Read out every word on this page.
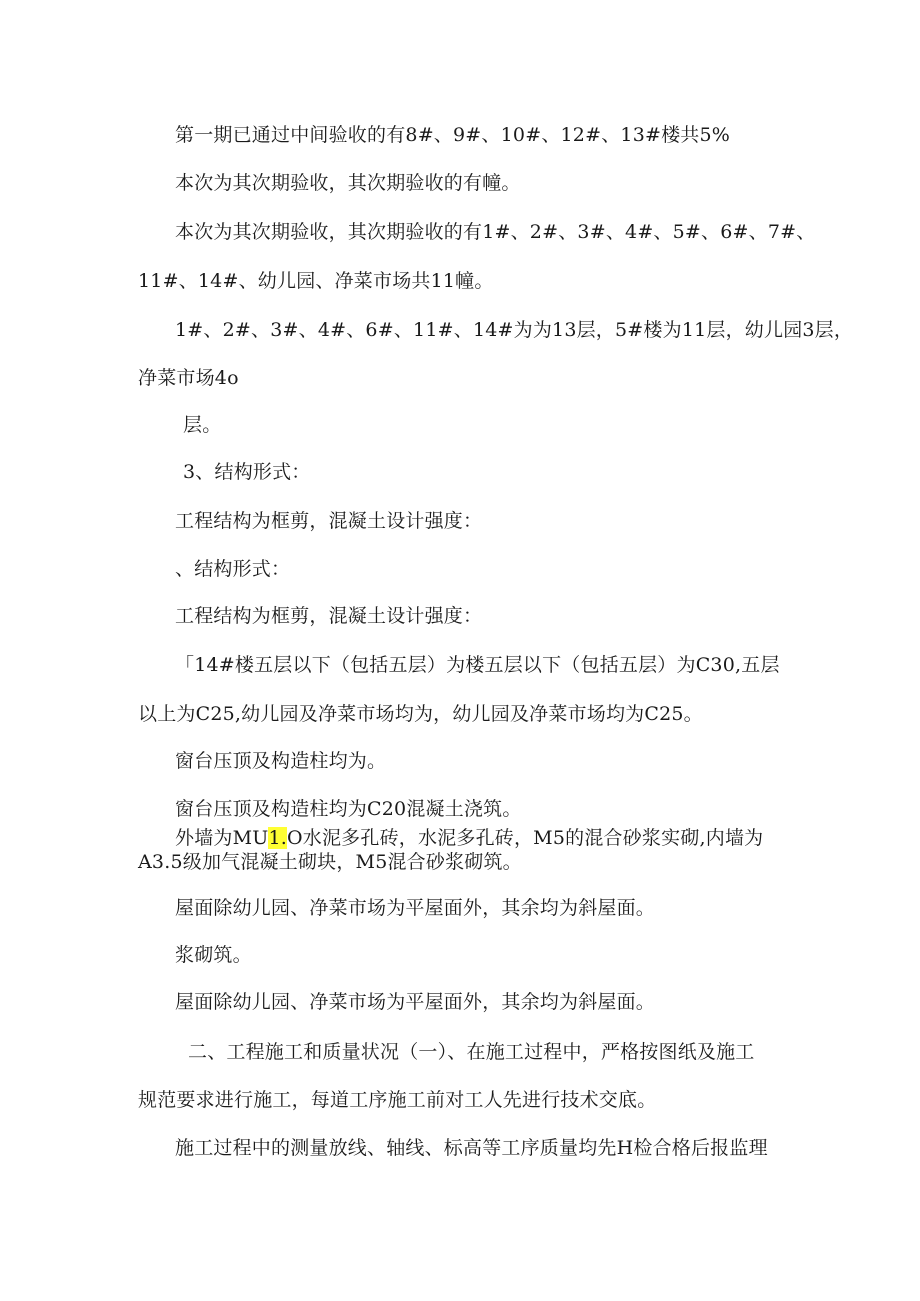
第一期已通过中间验收的有8#、9#、10#、12#、13#楼共5%

本次为其次期验收，其次期验收的有幢。

本次为其次期验收，其次期验收的有1#、2#、3#、4#、5#、6#、7#、

11#、14#、幼儿园、净菜市场共11幢。

1#、2#、3#、4#、6#、11#、14#为为13层，5#楼为11层，幼儿园3层，

净菜市场4o

层。

3、结构形式：

工程结构为框剪，混凝土设计强度：

、结构形式：

工程结构为框剪，混凝土设计强度：

「14#楼五层以下（包括五层）为楼五层以下（包括五层）为C30,五层

以上为C25,幼儿园及净菜市场均为，幼儿园及净菜市场均为C25。

窗台压顶及构造柱均为。

窗台压顶及构造柱均为C20混凝土浇筑。

外墙为MU1.O水泥多孔砖，水泥多孔砖，M5的混合砂浆实砌,内墙为

A3.5级加气混凝土砌块，M5混合砂浆砌筑。

屋面除幼儿园、净菜市场为平屋面外，其余均为斜屋面。

浆砌筑。

屋面除幼儿园、净菜市场为平屋面外，其余均为斜屋面。

二、工程施工和质量状况（一）、在施工过程中，严格按图纸及施工

规范要求进行施工，每道工序施工前对工人先进行技术交底。

施工过程中的测量放线、轴线、标高等工序质量均先H检合格后报监理
